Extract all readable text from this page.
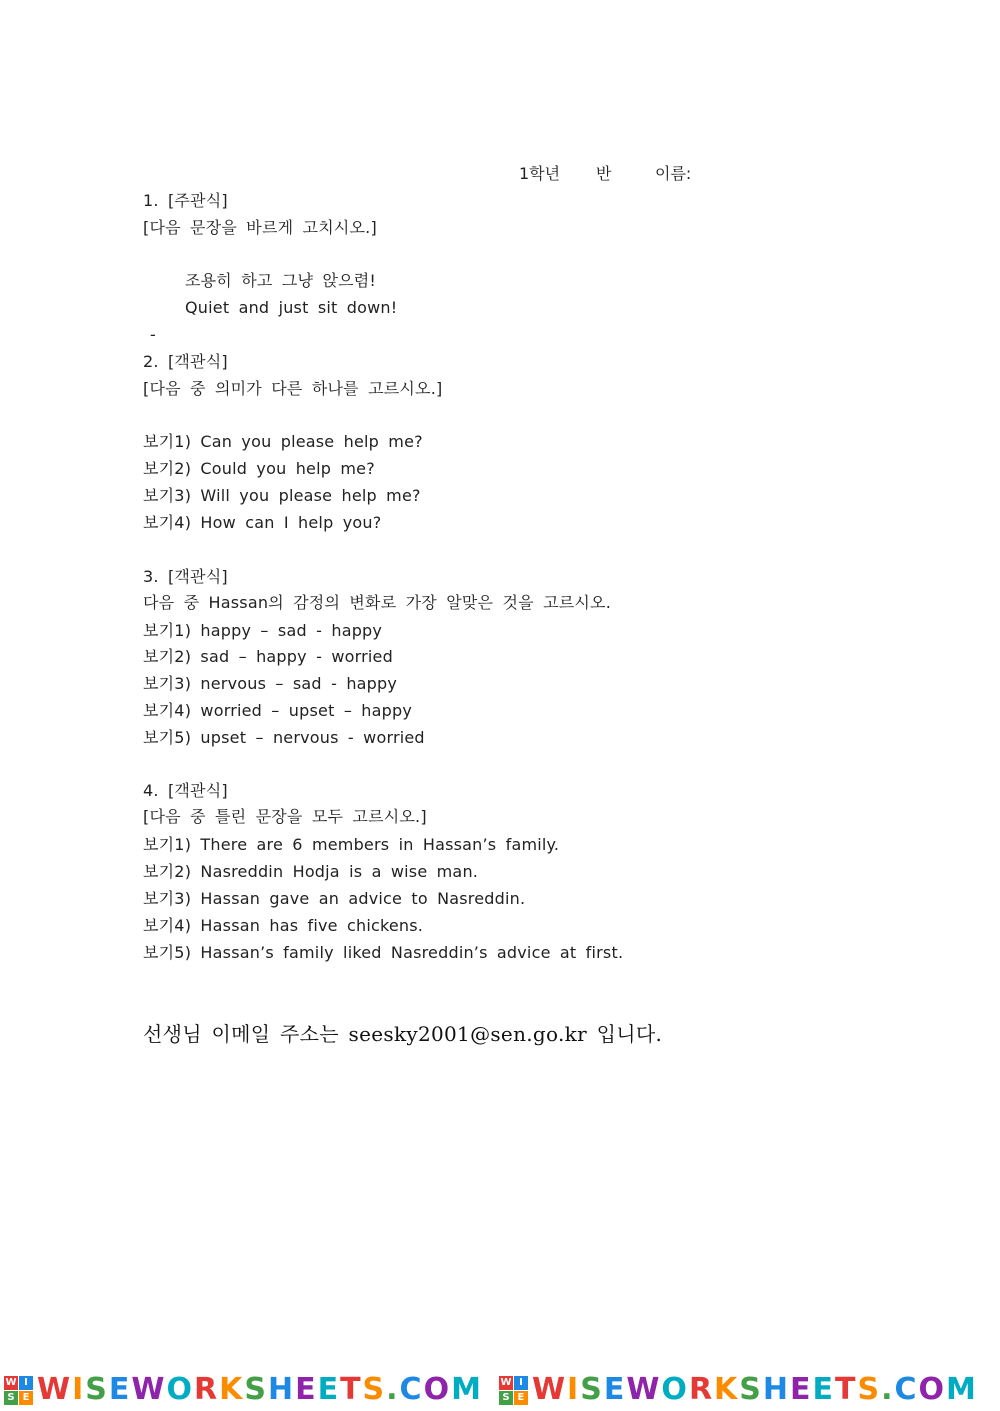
1학년 반	이름:
1. [주관식]
[다음 문장을 바르게 고치시오.]
조용히 하고 그냥 앉으렴!
Quiet and just sit down!
-
2. [객관식]
[다음 중 의미가 다른 하나를 고르시오.]
보기1) Can you please help me?
보기2) Could you help me?
보기3) Will you please help me?
보기4) How can I help you?
3. [객관식]
다음 중 Hassan의 감정의 변화로 가장 알맞은 것을 고르시오.
보기1) happy – sad - happy
보기2) sad – happy - worried
보기3) nervous – sad - happy
보기4) worried – upset – happy
보기5) upset – nervous - worried
4. [객관식]
[다음 중 틀린 문장을 모두 고르시오.]
보기1) There are 6 members in Hassan’s family.
보기2) Nasreddin Hodja is a wise man.
보기3) Hassan gave an advice to Nasreddin.
보기4) Hassan has five chickens.
보기5) Hassan’s family liked Nasreddin’s advice at first.
선생님 이메일 주소는 seesky2001@sen.go.kr 입니다.
W I
S E WISEWORKSHEETS.COM W I
S E WISEWORKSHEETS.COM
